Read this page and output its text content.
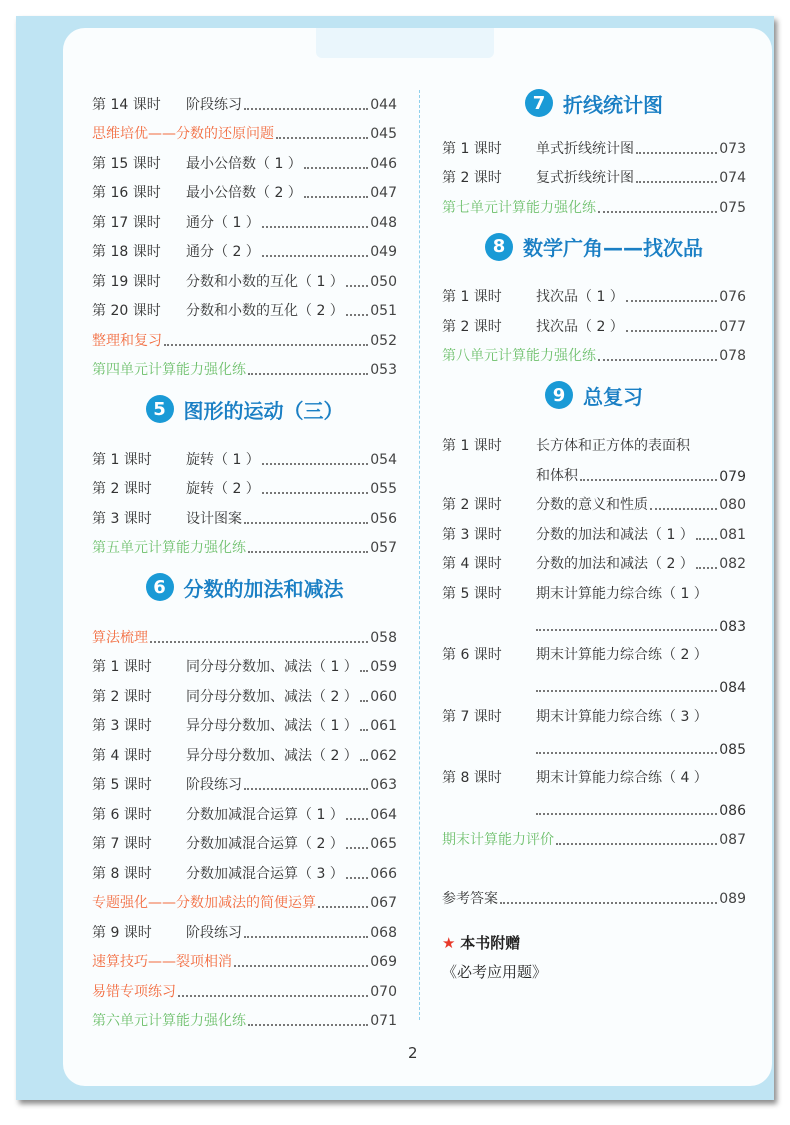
第 14 课时	阶段练习	044
思维培优——分数的还原问题	045
第 15 课时	最小公倍数（ 1 ）	046
第 16 课时	最小公倍数（ 2 ）	047
第 17 课时	通分（ 1 ）	048
第 18 课时	通分（ 2 ）	049
第 19 课时	分数和小数的互化（ 1 ） 050
第 20 课时	分数和小数的互化（ 2 ） 051
整理和复习	052
第四单元计算能力强化练	053
5 图形的运动（三）
第 1 课时	旋转（ 1 ）	054
第 2 课时	旋转（ 2 ）	055
第 3 课时	设计图案	056
第五单元计算能力强化练	057
6 分数的加法和减法
算法梳理	058
第 1 课时	同分母分数加、减法（ 1 ） 059
第 2 课时	同分母分数加、减法（ 2 ） 060
第 3 课时	异分母分数加、减法（ 1 ） 061
第 4 课时	异分母分数加、减法（ 2 ） 062
第 5 课时	阶段练习	063
第 6 课时	分数加减混合运算（ 1 ） 064
第 7 课时	分数加减混合运算（ 2 ） 065
第 8 课时	分数加减混合运算（ 3 ） 066
专题强化——分数加减法的简便运算	067
第 9 课时	阶段练习	068
速算技巧——裂项相消	069
易错专项练习	070
第六单元计算能力强化练	071
7 折线统计图
第 1 课时	单式折线统计图	073
第 2 课时	复式折线统计图	074
第七单元计算能力强化练	075
8 数学广角——找次品
第 1 课时	找次品（ 1 ）	076
第 2 课时	找次品（ 2 ）	077
第八单元计算能力强化练	078
9 总复习
第 1 课时	长方体和正方体的表面积
和体积	079
第 2 课时	分数的意义和性质	080
第 3 课时	分数的加法和减法（ 1 ） 081
第 4 课时	分数的加法和减法（ 2 ） 082
第 5 课时	期末计算能力综合练（ 1 ）
083
第 6 课时	期末计算能力综合练（ 2 ）
084
第 7 课时	期末计算能力综合练（ 3 ）
085
第 8 课时	期末计算能力综合练（ 4 ）
086
期末计算能力评价	087
参考答案	089
★ 本书附赠
《必考应用题》
2
